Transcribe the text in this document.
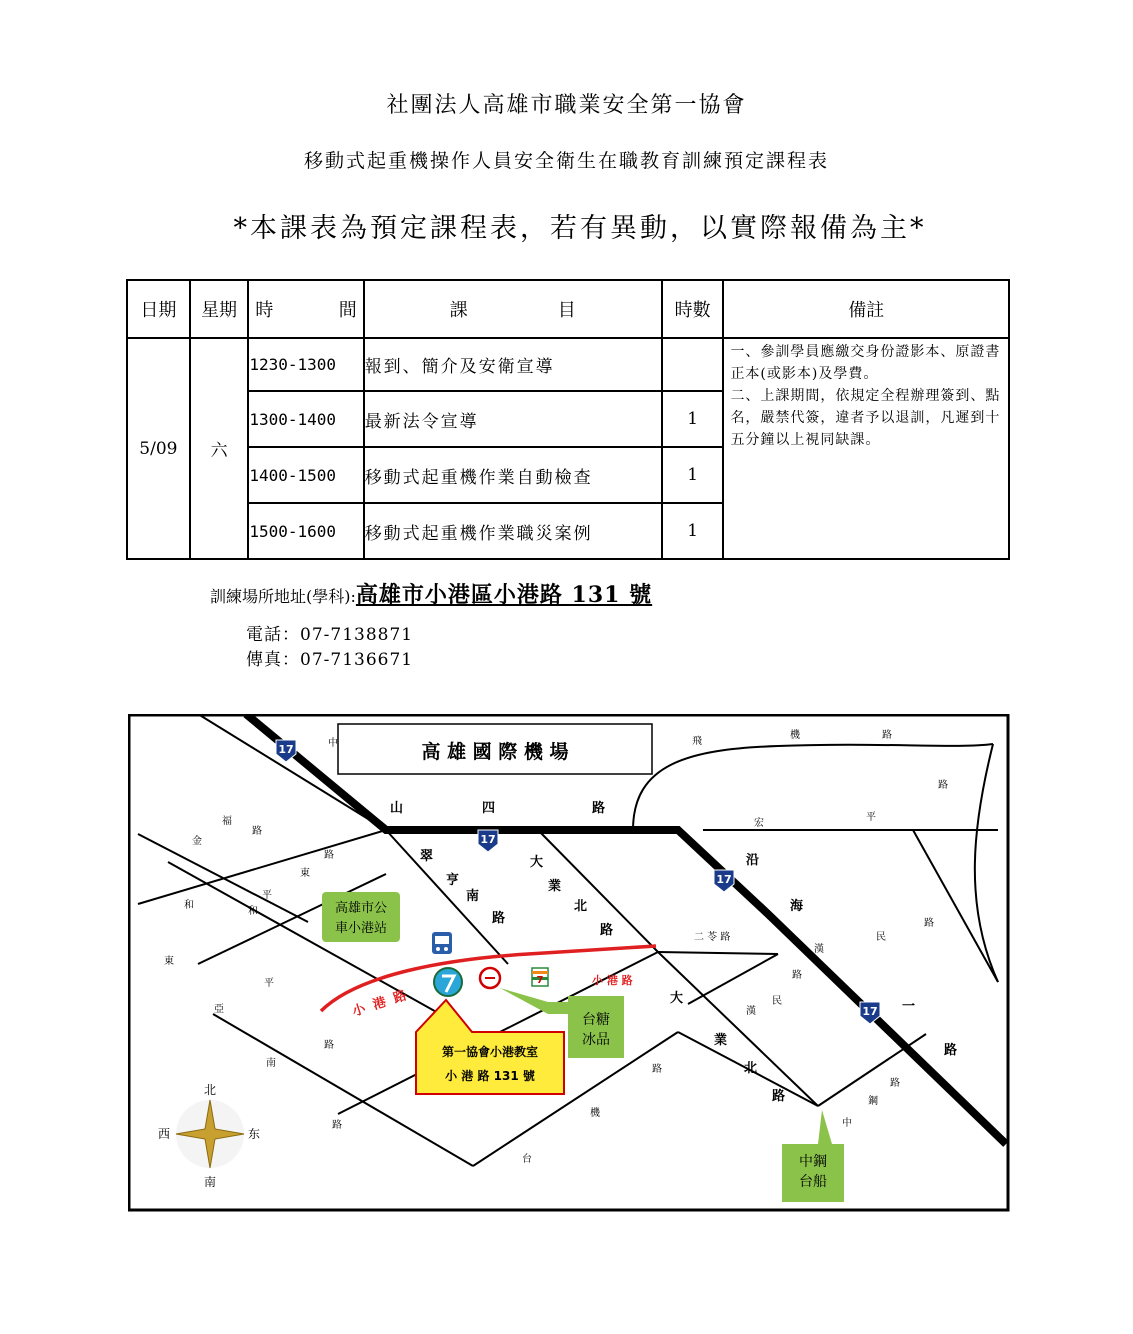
社團法人高雄市職業安全第一協會
移動式起重機操作人員安全衛生在職教育訓練預定課程表
*本課表為預定課程表，若有異動，以實際報備為主*
日期	星期	時 間	課 目	時數	備註
5/09	六	1230-1300	報到、簡介及安衛宣導		一、參訓學員應繳交身份證影本、原證書正本(或影本)及學費。

二、上課期間，依規定全程辦理簽到、點名，嚴禁代簽，違者予以退訓，凡遲到十五分鐘以上視同缺課。

		1300-1400	最新法令宣導	1	
		1400-1500	移動式起重機作業自動檢查	1	
		1500-1600	移動式起重機作業職災案例	1	
訓練場所地址(學科):高雄市小港區小港路 131 號
電話：07-7138871
傳真：07-7136671
高 雄 國 際 機 場
17
17
17
17
中
路
福
金
路
東
平
和
和
東
亞
平
南
路
路
台
機
路
飛
機	路
路
宏
平
路
民
漢
路
民
漢
二 苓 路
路
鋼
中
山	四	路
翠
亨
南
路
大
業
北
路
沿
海
一
路
大
業
北
路
小 港 路
小 港 路
高雄市公
車小港站
7
台糖
冰品
第一協會小港教室
小 港 路 131 號
中鋼
台船
北
南
东
西
